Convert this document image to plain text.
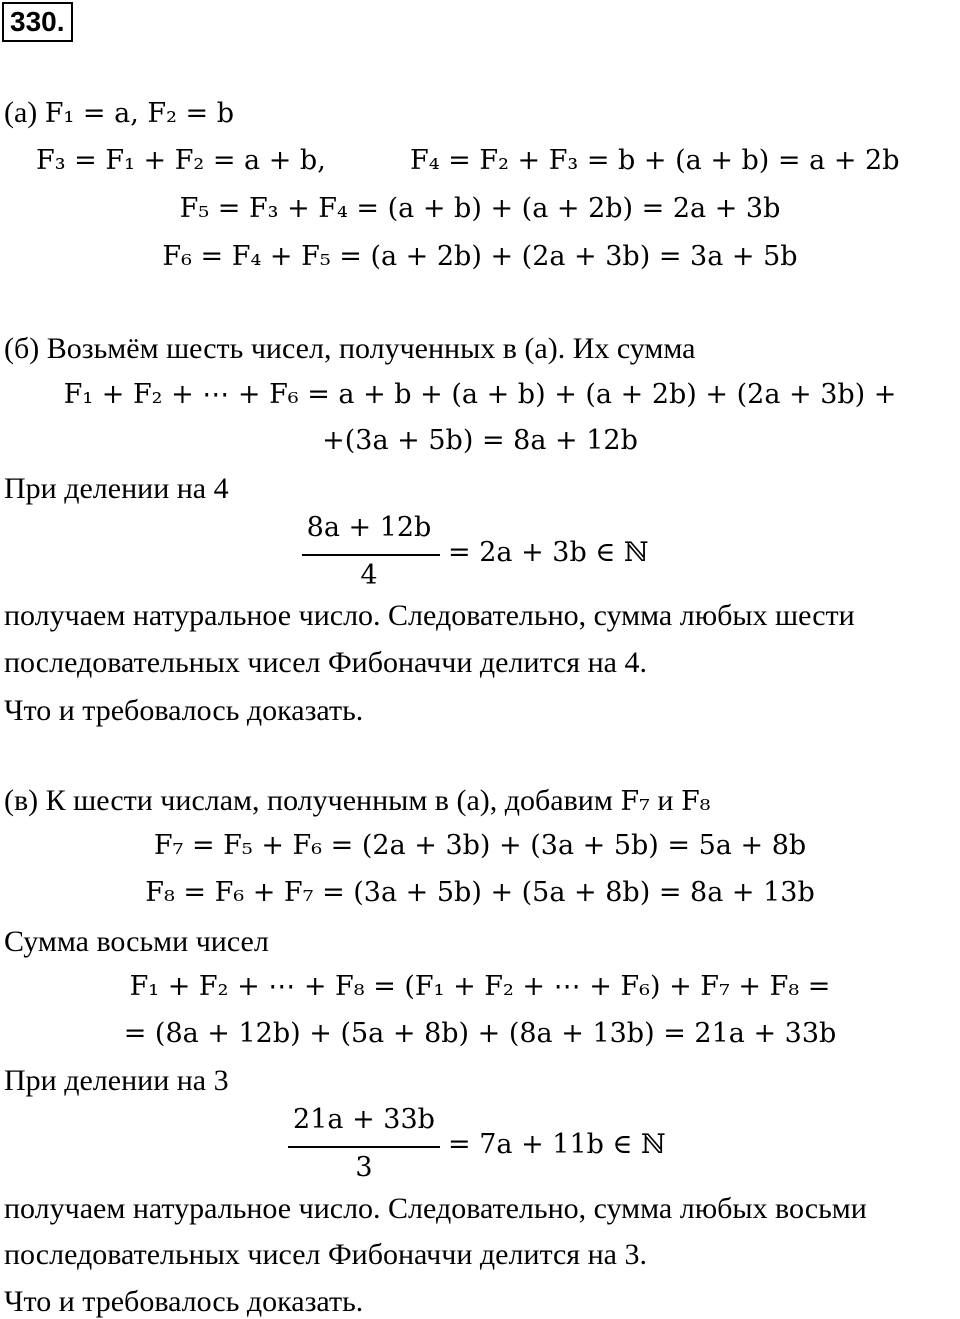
330.
(а) F₁ = a, F₂ = b
F₃ = F₁ + F₂ = a + b,	F₄ = F₂ + F₃ = b + (a + b) = a + 2b
F₅ = F₃ + F₄ = (a + b) + (a + 2b) = 2a + 3b
F₆ = F₄ + F₅ = (a + 2b) + (2a + 3b) = 3a + 5b
(б) Возьмём шесть чисел, полученных в (а). Их сумма
F₁ + F₂ + ⋯ + F₆ = a + b + (a + b) + (a + 2b) + (2a + 3b) +
+(3a + 5b) = 8a + 12b
При делении на 4
8a + 12b
4
= 2a + 3b ∈ ℕ
получаем натуральное число. Следовательно, сумма любых шести
последовательных чисел Фибоначчи делится на 4.
Что и требовалось доказать.
(в) К шести числам, полученным в (а), добавим F₇ и F₈
F₇ = F₅ + F₆ = (2a + 3b) + (3a + 5b) = 5a + 8b
F₈ = F₆ + F₇ = (3a + 5b) + (5a + 8b) = 8a + 13b
Сумма восьми чисел
F₁ + F₂ + ⋯ + F₈ = (F₁ + F₂ + ⋯ + F₆) + F₇ + F₈ =
= (8a + 12b) + (5a + 8b) + (8a + 13b) = 21a + 33b
При делении на 3
21a + 33b
3
= 7a + 11b ∈ ℕ
получаем натуральное число. Следовательно, сумма любых восьми
последовательных чисел Фибоначчи делится на 3.
Что и требовалось доказать.
